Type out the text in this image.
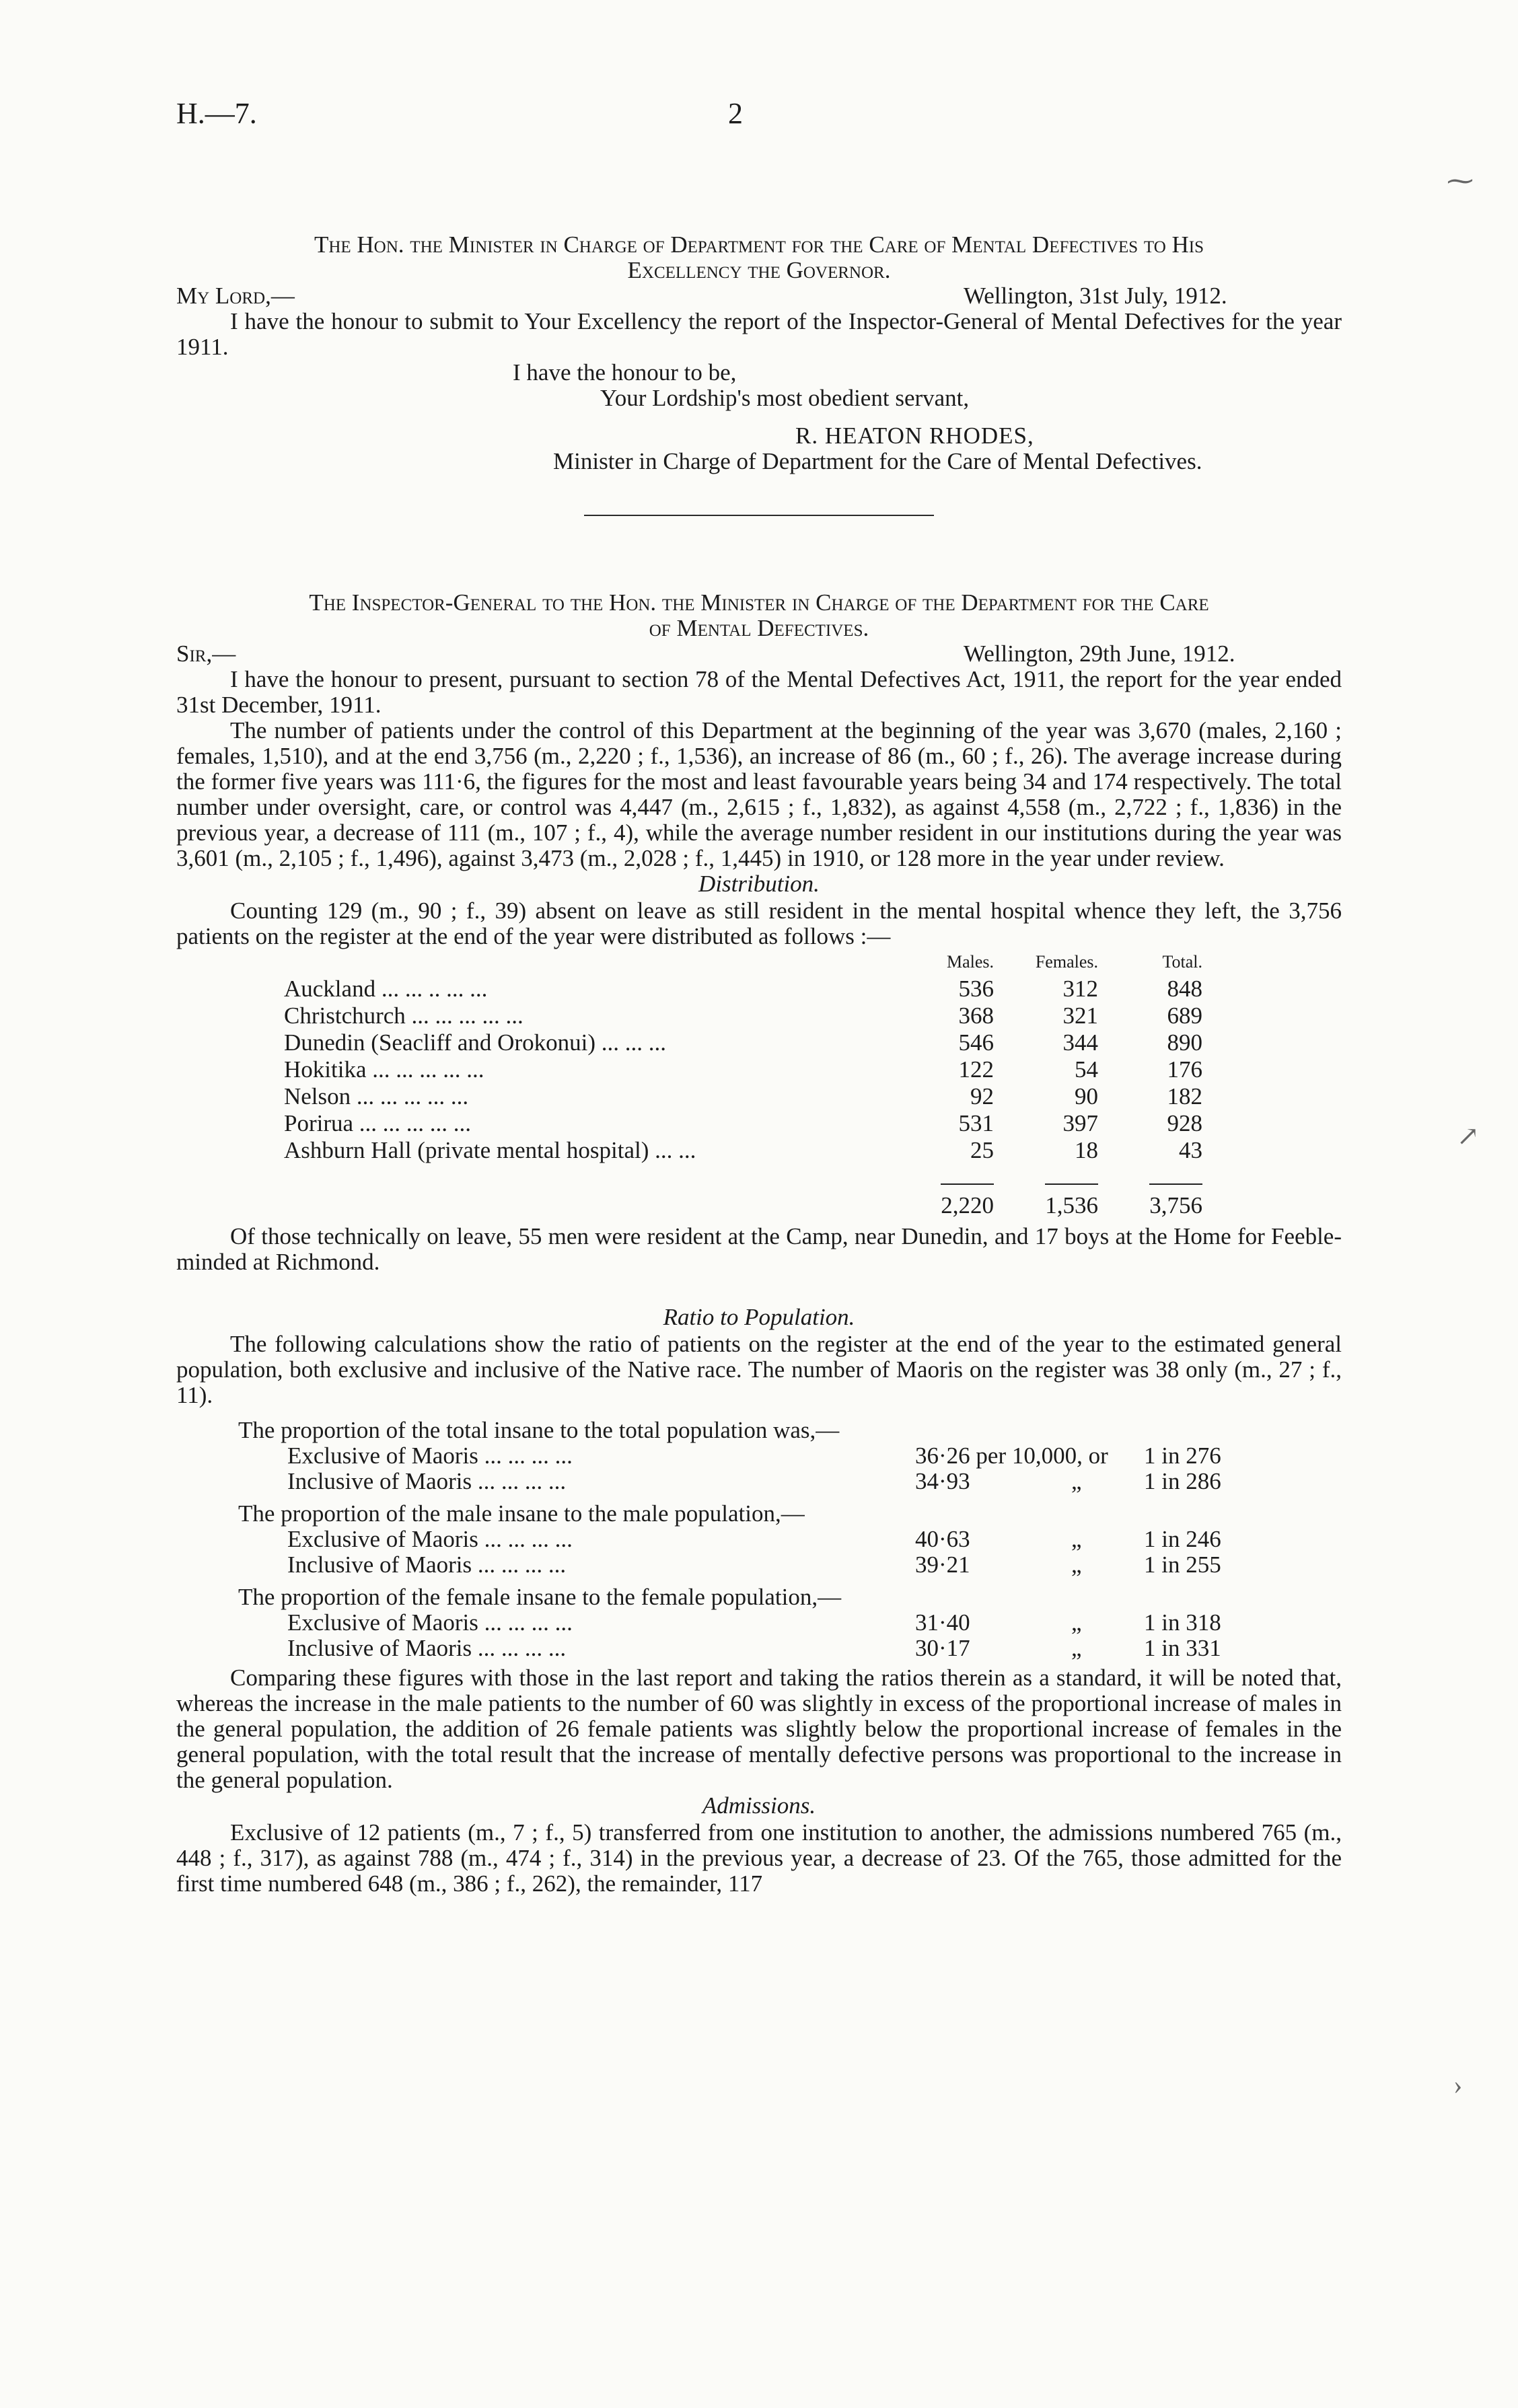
H.—7.	2
⁓
↗
›

The Hon. the Minister in Charge of Department for the Care of Mental Defectives to His

Excellency the Governor.

My Lord,—	Wellington, 31st July, 1912.

I have the honour to submit to Your Excellency the report of the Inspector-General of Mental Defectives for the year 1911.

I have the honour to be,
Your Lordship's most obedient servant,
R. HEATON RHODES,
Minister in Charge of Department for the Care of Mental Defectives.

The Inspector-General to the Hon. the Minister in Charge of the Department for the Care

of Mental Defectives.

Sir,—	Wellington, 29th June, 1912.

I have the honour to present, pursuant to section 78 of the Mental Defectives Act, 1911, the report for the year ended 31st December, 1911.

The number of patients under the control of this Department at the beginning of the year was 3,670 (males, 2,160 ; females, 1,510), and at the end 3,756 (m., 2,220 ; f., 1,536), an increase of 86 (m., 60 ; f., 26). The average increase during the former five years was 111·6, the figures for the most and least favourable years being 34 and 174 respectively. The total number under oversight, care, or control was 4,447 (m., 2,615 ; f., 1,832), as against 4,558 (m., 2,722 ; f., 1,836) in the previous year, a decrease of 111 (m., 107 ; f., 4), while the average number resident in our institutions during the year was 3,601 (m., 2,105 ; f., 1,496), against 3,473 (m., 2,028 ; f., 1,445) in 1910, or 128 more in the year under review.

Distribution.

Counting 129 (m., 90 ; f., 39) absent on leave as still resident in the mental hospital whence they left, the 3,756 patients on the register at the end of the year were distributed as follows :—

	Males.	Females.	Total.
Auckland ... ... .. ... ...	536	312	848
Christchurch ... ... ... ... ...	368	321	689
Dunedin (Seacliff and Orokonui) ... ... ...	546	344	890
Hokitika ... ... ... ... ...	122	54	176
Nelson ... ... ... ... ...	92	90	182
Porirua ... ... ... ... ...	531	397	928
Ashburn Hall (private mental hospital) ... ...	25	18	43
	2,220	1,536	3,756

Of those technically on leave, 55 men were resident at the Camp, near Dunedin, and 17 boys at the Home for Feeble-minded at Richmond.

Ratio to Population.

The following calculations show the ratio of patients on the register at the end of the year to the estimated general population, both exclusive and inclusive of the Native race. The number of Maoris on the register was 38 only (m., 27 ; f., 11).

The proportion of the total insane to the total population was,—

Exclusive of Maoris ... ... ... ...	36·26 per 10,000, or 1 in 276
Inclusive of Maoris ... ... ... ...	34·93	„	1 in 286

The proportion of the male insane to the male population,—

Exclusive of Maoris ... ... ... ...	40·63	„	1 in 246
Inclusive of Maoris ... ... ... ...	39·21	„	1 in 255

The proportion of the female insane to the female population,—

Exclusive of Maoris ... ... ... ...	31·40	„	1 in 318
Inclusive of Maoris ... ... ... ...	30·17	„	1 in 331

Comparing these figures with those in the last report and taking the ratios therein as a standard, it will be noted that, whereas the increase in the male patients to the number of 60 was slightly in excess of the proportional increase of males in the general population, the addition of 26 female patients was slightly below the proportional increase of females in the general population, with the total result that the increase of mentally defective persons was proportional to the increase in the general population.

Admissions.

Exclusive of 12 patients (m., 7 ; f., 5) transferred from one institution to another, the admissions numbered 765 (m., 448 ; f., 317), as against 788 (m., 474 ; f., 314) in the previous year, a decrease of 23. Of the 765, those admitted for the first time numbered 648 (m., 386 ; f., 262), the remainder, 117
